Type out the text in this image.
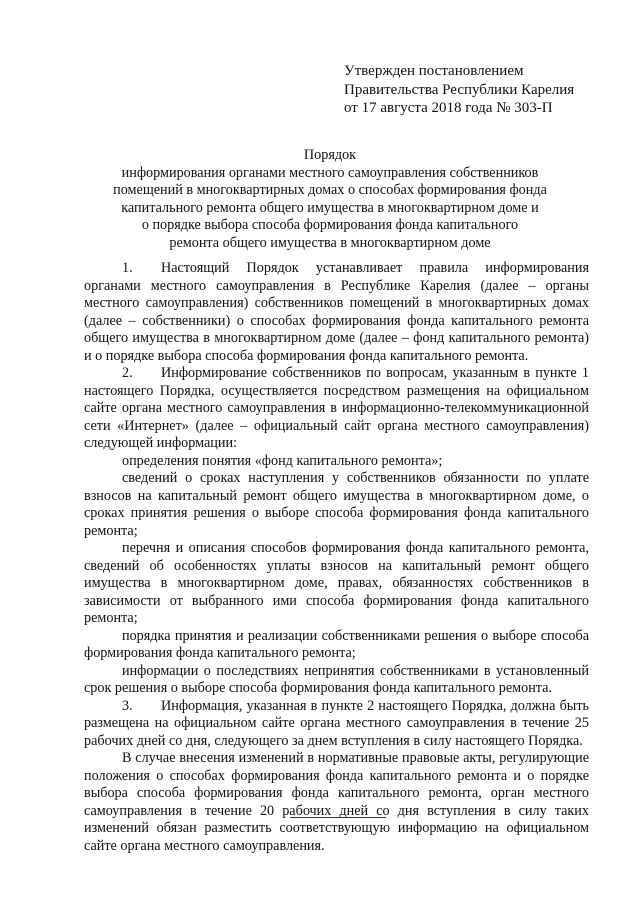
Утвержден постановлением
Правительства Республики Карелия
от 17 августа 2018 года № 303-П
Порядок
информирования органами местного самоуправления собственников
помещений в многоквартирных домах о способах формирования фонда
капитального ремонта общего имущества в многоквартирном доме и
о порядке выбора способа формирования фонда капитального
ремонта общего имущества в многоквартирном доме

1.  Настоящий Порядок устанавливает правила информирования органами местного самоуправления в Республике Карелия (далее – органы местного самоуправления) собственников помещений в многоквартирных домах (далее – собственники) о способах формирования фонда капитального ремонта общего имущества в многоквартирном доме (далее – фонд капитального ремонта) и о порядке выбора способа формирования фонда капитального ремонта.

2.  Информирование собственников по вопросам, указанным в пункте 1 настоящего Порядка, осуществляется посредством размещения на официальном сайте органа местного самоуправления в информационно-телекоммуникационной сети «Интернет» (далее – официальный сайт органа местного самоуправления) следующей информации:

определения понятия «фонд капитального ремонта»;

сведений о сроках наступления у собственников обязанности по уплате взносов на капитальный ремонт общего имущества в многоквартирном доме, о сроках принятия решения о выборе способа формирования фонда капитального ремонта;

перечня и описания способов формирования фонда капитального ремонта, сведений об особенностях уплаты взносов на капитальный ремонт общего имущества в многоквартирном доме, правах, обязанностях собственников в зависимости от выбранного ими способа формирования фонда капитального ремонта;

порядка принятия и реализации собственниками решения о выборе способа формирования фонда капитального ремонта;

информации о последствиях непринятия собственниками в установленный срок решения о выборе способа формирования фонда капитального ремонта.

3.  Информация, указанная в пункте 2 настоящего Порядка, должна быть размещена на официальном сайте органа местного самоуправления в течение 25 рабочих дней со дня, следующего за днем вступления в силу настоящего Порядка.

В случае внесения изменений в нормативные правовые акты, регулирующие положения о способах формирования фонда капитального ремонта и о порядке выбора способа формирования фонда капитального ремонта, орган местного самоуправления в течение 20 рабочих дней со дня вступления в силу таких изменений обязан разместить соответствующую информацию на официальном сайте органа местного самоуправления.
